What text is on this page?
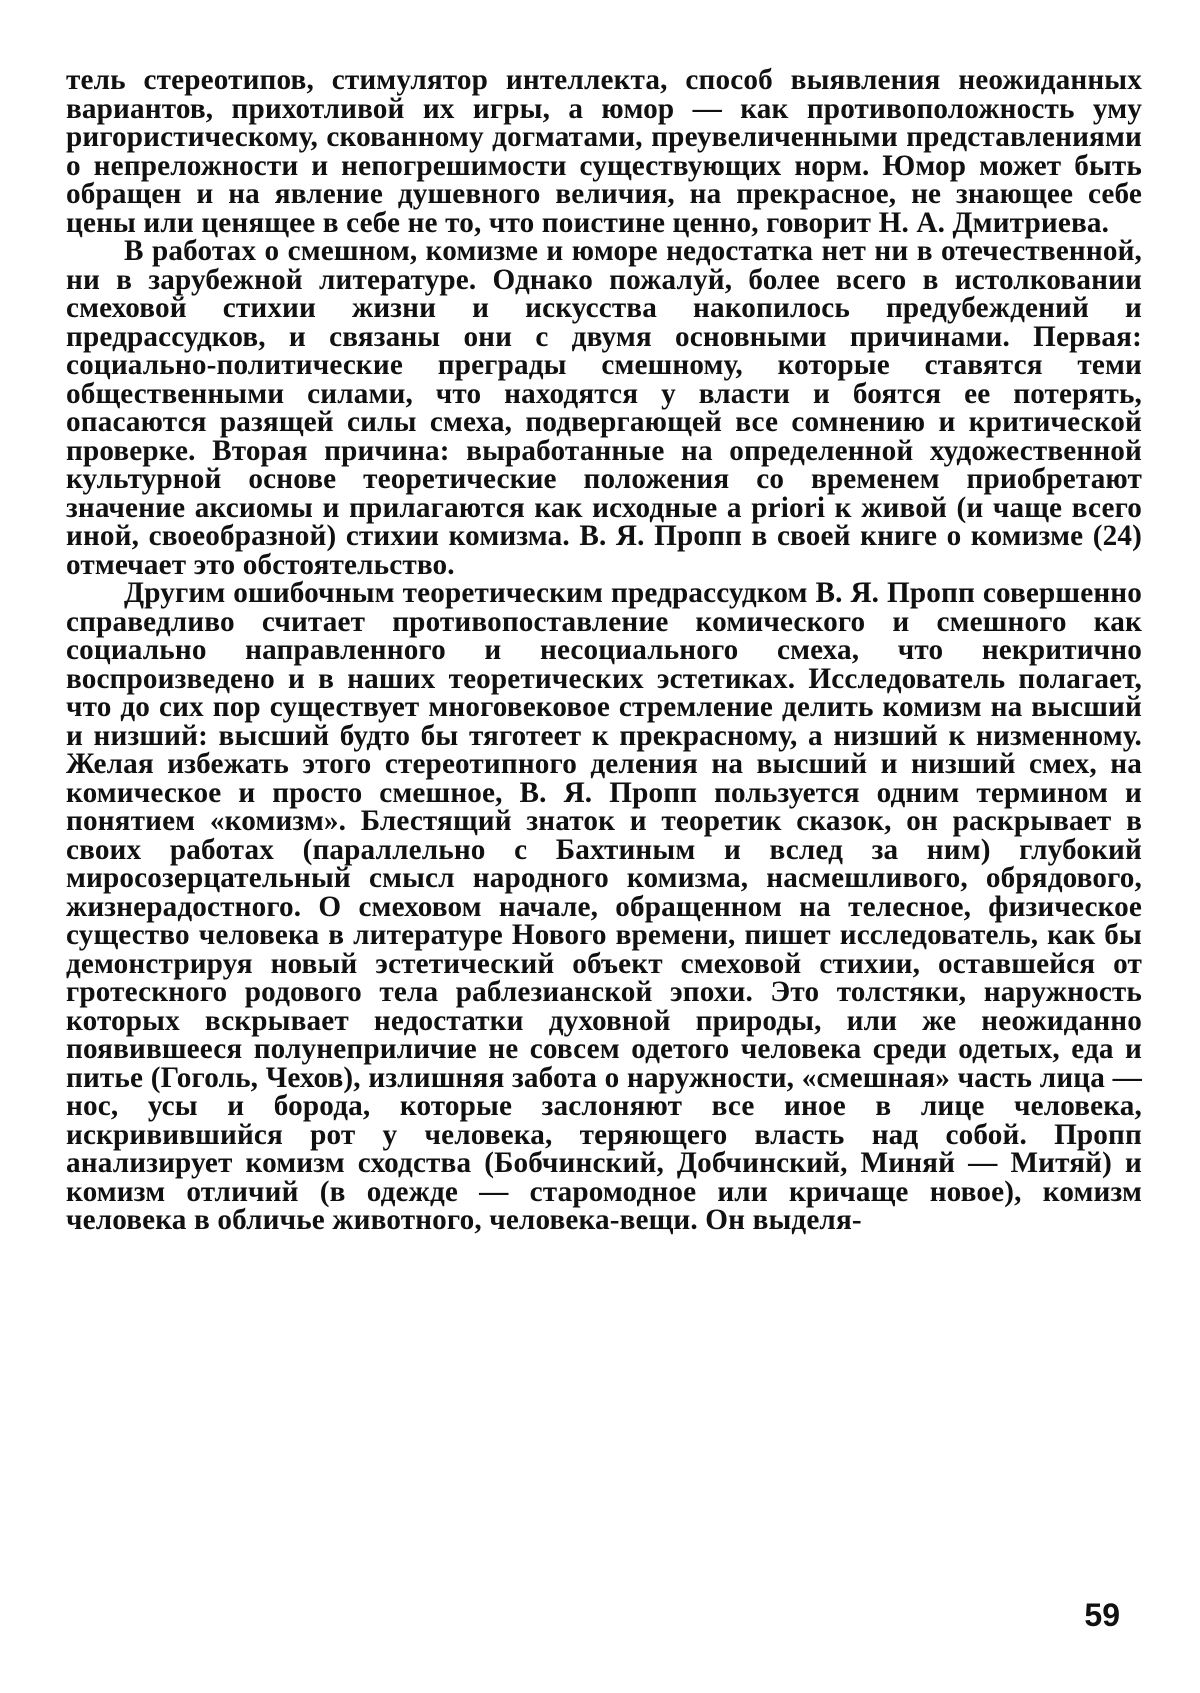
тель стереотипов, стимулятор интеллекта, способ выявления неожиданных вариантов, прихотливой их игры, а юмор — как противоположность уму ригористическому, скованному догматами, преувеличенными представлениями о непреложности и непогрешимости существующих норм. Юмор может быть обращен и на явление душевного величия, на прекрасное, не знающее себе цены или ценящее в себе не то, что поистине ценно, говорит Н. А. Дмитриева.

В работах о смешном, комизме и юморе недостатка нет ни в отечественной, ни в зарубежной литературе. Однако пожалуй, более всего в истолковании смеховой стихии жизни и искусства накопилось предубеждений и предрассудков, и связаны они с двумя основными причинами. Первая: социально-политические преграды смешному, которые ставятся теми общественными силами, что находятся у власти и боятся ее потерять, опасаются разящей силы смеха, подвергающей все сомнению и критической проверке. Вторая причина: выработанные на определенной художественной культурной основе теоретические положения со временем приобретают значение аксиомы и прилагаются как исходные a priori к живой (и чаще всего иной, своеобразной) стихии комизма. В. Я. Пропп в своей книге о комизме (24) отмечает это обстоятельство.

Другим ошибочным теоретическим предрассудком В. Я. Пропп совершенно справедливо считает противопоставление комического и смешного как социально направленного и несоциального смеха, что некритично воспроизведено и в наших теоретических эстетиках. Исследователь полагает, что до сих пор существует многовековое стремление делить комизм на высший и низший: высший будто бы тяготеет к прекрасному, а низший к низменному. Желая избежать этого стереотипного деления на высший и низший смех, на комическое и просто смешное, В. Я. Пропп пользуется одним термином и понятием «комизм». Блестящий знаток и теоретик сказок, он раскрывает в своих работах (параллельно с Бахтиным и вслед за ним) глубокий миросозерцательный смысл народного комизма, насмешливого, обрядового, жизнерадостного. О смеховом начале, обращенном на телесное, физическое существо человека в литературе Нового времени, пишет исследователь, как бы демонстрируя новый эстетический объект смеховой стихии, оставшейся от гротескного родового тела раблезианской эпохи. Это толстяки, наружность которых вскрывает недостатки духовной природы, или же неожиданно появившееся полунеприличие не совсем одетого человека среди одетых, еда и питье (Гоголь, Чехов), излишняя забота о наружности, «смешная» часть лица — нос, усы и борода, которые заслоняют все иное в лице человека, искривившийся рот у человека, теряющего власть над собой. Пропп анализирует комизм сходства (Бобчинский, Добчинский, Миняй — Митяй) и комизм отличий (в одежде — старомодное или кричаще новое), комизм человека в обличье животного, человека-вещи. Он выделя-

59
